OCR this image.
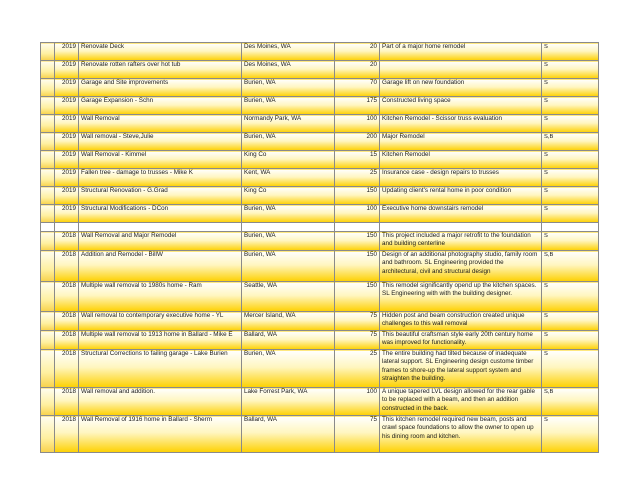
	2019	Renovate Deck	Des Moines, WA	20	Part of a major home remodel	S
	2019	Renovate rotten rafters over hot tub	Des Moines, WA	20		S
	2019	Garage and Site improvements	Burien, WA	70	Garage lift on new foundation	S
	2019	Garage Expansion - Schn	Burien, WA	175	Constructed living space	S
	2019	Wall Removal	Normandy Park, WA	100	Kitchen Remodel - Scissor truss evaluation	S
	2019	Wall removal - Steve,Julie	Burien, WA	200	Major Remodel	S,B
	2019	Wall Removal - Kimmel	King Co	15	Kitchen Remodel	S
	2019	Fallen tree - damage to trusses - Mike K	Kent, WA	25	Insurance case - design repairs to trusses	S
	2019	Structural Renovation - G.Grad	King Co	150	Updating client's rental home in poor condition	S
	2019	Structural Modifications - DCon	Burien, WA	100	Executive home downstairs remodel	S

	2018	Wall Removal and Major Remodel	Burien, WA	150	This project included a major retrofit to the foundation and building centerline	S
	2018	Addition and Remodel - BillW	Burien, WA	150	Design of an additional photography studio, family room and bathroom. SL Engineering provided the architectural, civil and structural design	S,B
	2018	Multiple wall removal to 1980s home - Ram	Seattle, WA	150	This remodel significantly opend up the kitchen spaces. SL Engineering with with the building designer.	S
	2018	Wall removal to contemporary executive home - YL	Mercer Island, WA	75	Hidden post and beam construction created unique challenges to this wall removal	S
	2018	Multiple wall removal to 1913 home in Ballard - Mike E	Ballard, WA	75	This beautiful craftsman style early 20th century home was improved for functionality.	S
	2018	Structural Corrections to failing garage - Lake Burien	Burien, WA	25	The entire building had tilted because of inadequate lateral support. SL Engineering design custome timber frames to shore-up the lateral support system and straighten the building.	S
	2018	Wall removal and addition.	Lake Forrest Park, WA	100	A unique tapered LVL design allowed for the rear gable to be replaced with a beam, and then an addition constructed in the back.	S,B
	2018	Wall Removal of 1916 home in Ballard - Sherm	Ballard, WA	75	This kitchen remodel required new beam, posts and crawl space foundations to allow the owner to open up his dining room and kitchen.	S
